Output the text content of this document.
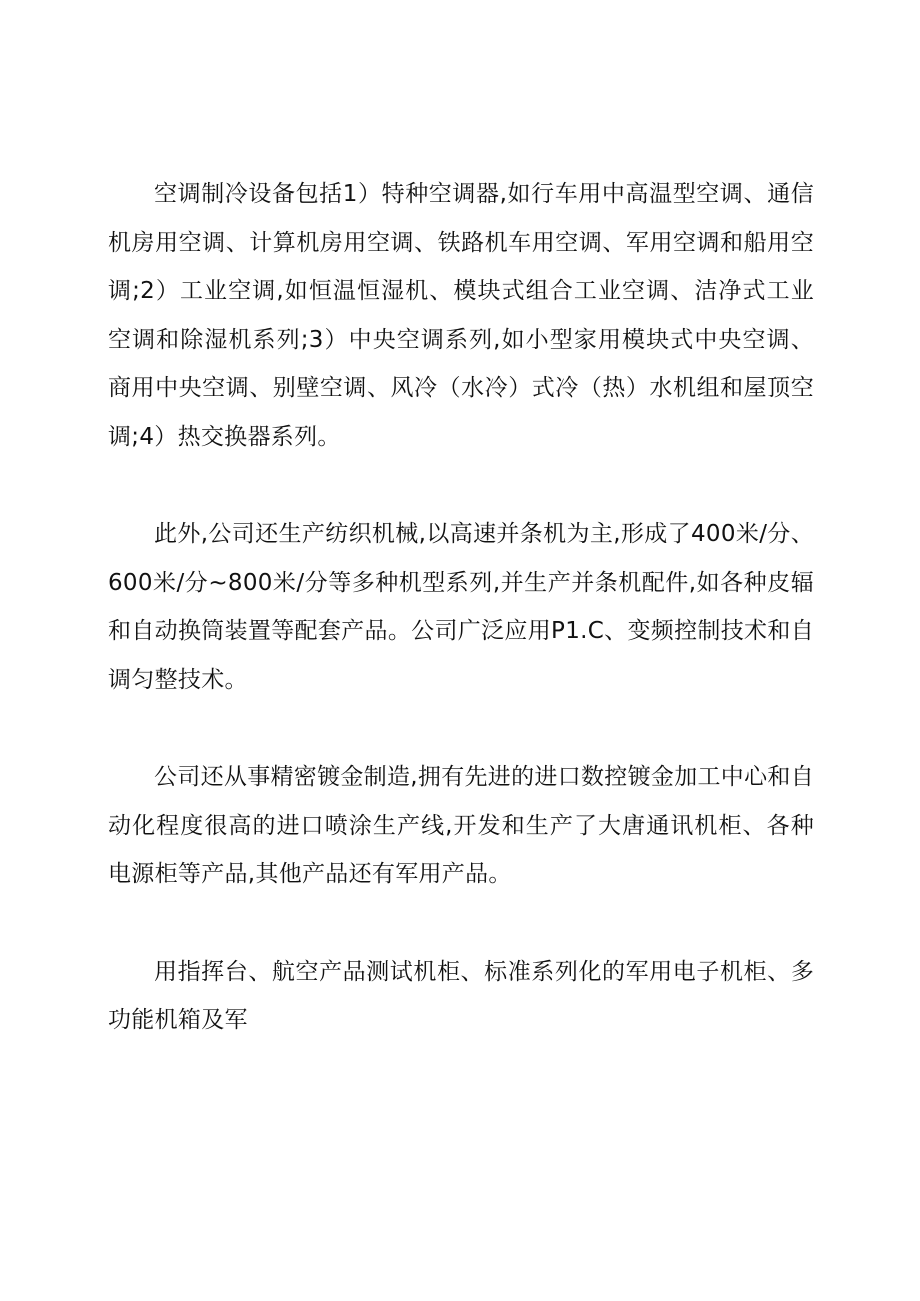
空调制冷设备包括1）特种空调器,如行车用中高温型空调、通信机房用空调、计算机房用空调、铁路机车用空调、军用空调和船用空调;2）工业空调,如恒温恒湿机、模块式组合工业空调、洁净式工业空调和除湿机系列;3）中央空调系列,如小型家用模块式中央空调、商用中央空调、别壁空调、风冷（水冷）式冷（热）水机组和屋顶空调;4）热交换器系列。

此外,公司还生产纺织机械,以高速并条机为主,形成了400米/分、600米/分~800米/分等多种机型系列,并生产并条机配件,如各种皮辐和自动换筒装置等配套产品。公司广泛应用P1.C、变频控制技术和自调匀整技术。

公司还从事精密镀金制造,拥有先进的进口数控镀金加工中心和自动化程度很高的进口喷涂生产线,开发和生产了大唐通讯机柜、各种电源柜等产品,其他产品还有军用产品。

用指挥台、航空产品测试机柜、标准系列化的军用电子机柜、多功能机箱及军
